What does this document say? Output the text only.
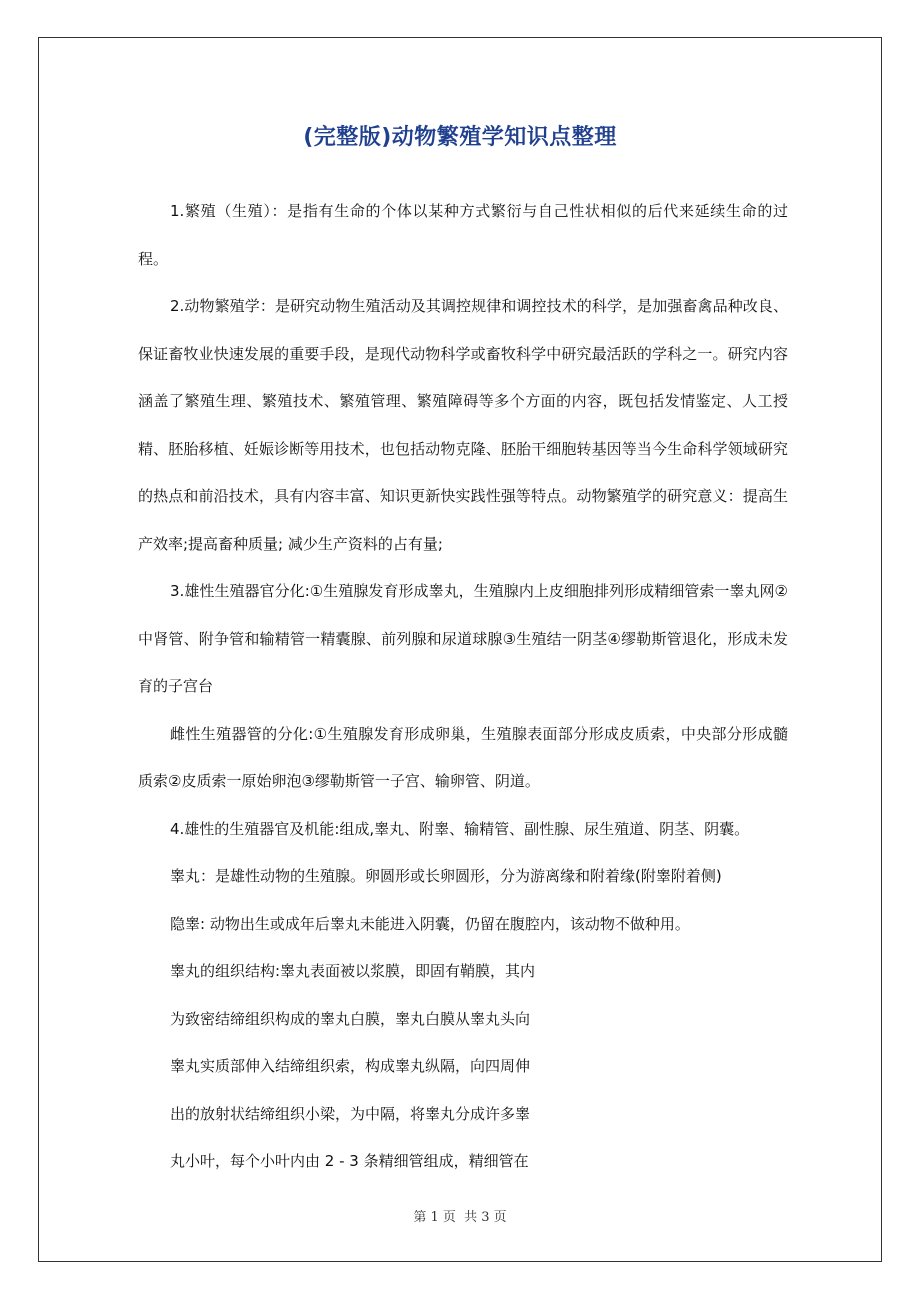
(完整版)动物繁殖学知识点整理

1.繁殖（生殖）：是指有生命的个体以某种方式繁衍与自己性状相似的后代来延续生命的过程。

2.动物繁殖学：是研究动物生殖活动及其调控规律和调控技术的科学，是加强畜禽品种改良、保证畜牧业快速发展的重要手段，是现代动物科学或畜牧科学中研究最活跃的学科之一。研究内容涵盖了繁殖生理、繁殖技术、繁殖管理、繁殖障碍等多个方面的内容，既包括发情鉴定、人工授精、胚胎移植、妊娠诊断等用技术，也包括动物克隆、胚胎干细胞转基因等当今生命科学领域研究的热点和前沿技术，具有内容丰富、知识更新快实践性强等特点。动物繁殖学的研究意义：提高生产效率;提高畜种质量; 减少生产资料的占有量;

3.雄性生殖器官分化:①生殖腺发育形成睾丸，生殖腺内上皮细胞排列形成精细管索一睾丸网②中肾管、附争管和输精管一精囊腺、前列腺和尿道球腺③生殖结一阴茎④缪勒斯管退化，形成未发育的子宫台

雌性生殖器管的分化:①生殖腺发育形成卵巢，生殖腺表面部分形成皮质索，中央部分形成髓质索②皮质索一原始卵泡③缪勒斯管一子宫、输卵管、阴道。

4.雄性的生殖器官及机能:组成,睾丸、附睾、输精管、副性腺、尿生殖道、阴茎、阴囊。

睾丸：是雄性动物的生殖腺。卵圆形或长卵圆形，分为游离缘和附着缘(附睾附着侧)

隐睾: 动物出生或成年后睾丸未能进入阴囊，仍留在腹腔内，该动物不做种用。

睾丸的组织结构:睾丸表面被以浆膜，即固有鞘膜，其内

为致密结缔组织构成的睾丸白膜，睾丸白膜从睾丸头向

睾丸实质部伸入结缔组织索，构成睾丸纵隔，向四周伸

出的放射状结缔组织小梁，为中隔，将睾丸分成许多睾

丸小叶，每个小叶内由 2 - 3 条精细管组成，精细管在

第 1 页 共 3 页
